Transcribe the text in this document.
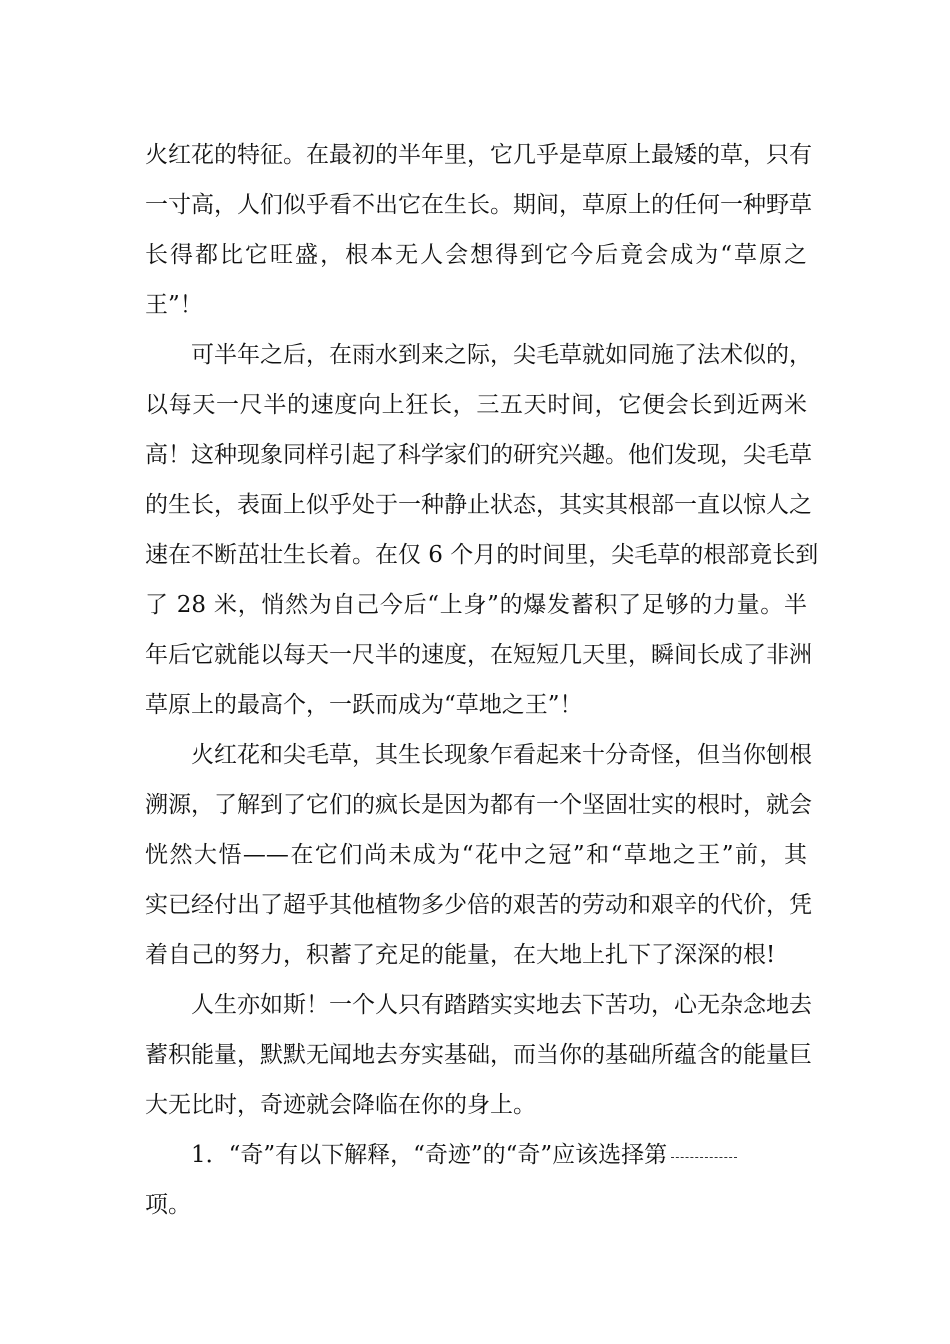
火红花的特征。在最初的半年里，它几乎是草原上最矮的草，只有
一寸高，人们似乎看不出它在生长。期间，草原上的任何一种野草
长得都比它旺盛，根本无人会想得到它今后竟会成为“草原之
王”！
可半年之后，在雨水到来之际，尖毛草就如同施了法术似的，
以每天一尺半的速度向上狂长，三五天时间，它便会长到近两米
高！这种现象同样引起了科学家们的研究兴趣。他们发现，尖毛草
的生长，表面上似乎处于一种静止状态，其实其根部一直以惊人之
速在不断茁壮生长着。在仅 6 个月的时间里，尖毛草的根部竟长到
了 28 米，悄然为自己今后“上身”的爆发蓄积了足够的力量。半
年后它就能以每天一尺半的速度，在短短几天里，瞬间长成了非洲
草原上的最高个，一跃而成为“草地之王”！
火红花和尖毛草，其生长现象乍看起来十分奇怪，但当你刨根
溯源，了解到了它们的疯长是因为都有一个坚固壮实的根时，就会
恍然大悟——在它们尚未成为“花中之冠”和“草地之王”前，其
实已经付出了超乎其他植物多少倍的艰苦的劳动和艰辛的代价，凭
着自己的努力，积蓄了充足的能量，在大地上扎下了深深的根!
人生亦如斯！一个人只有踏踏实实地去下苦功，心无杂念地去
蓄积能量，默默无闻地去夯实基础，而当你的基础所蕴含的能量巨
大无比时，奇迹就会降临在你的身上。
1．“奇”有以下解释，“奇迹”的“奇”应该选择第
项。
